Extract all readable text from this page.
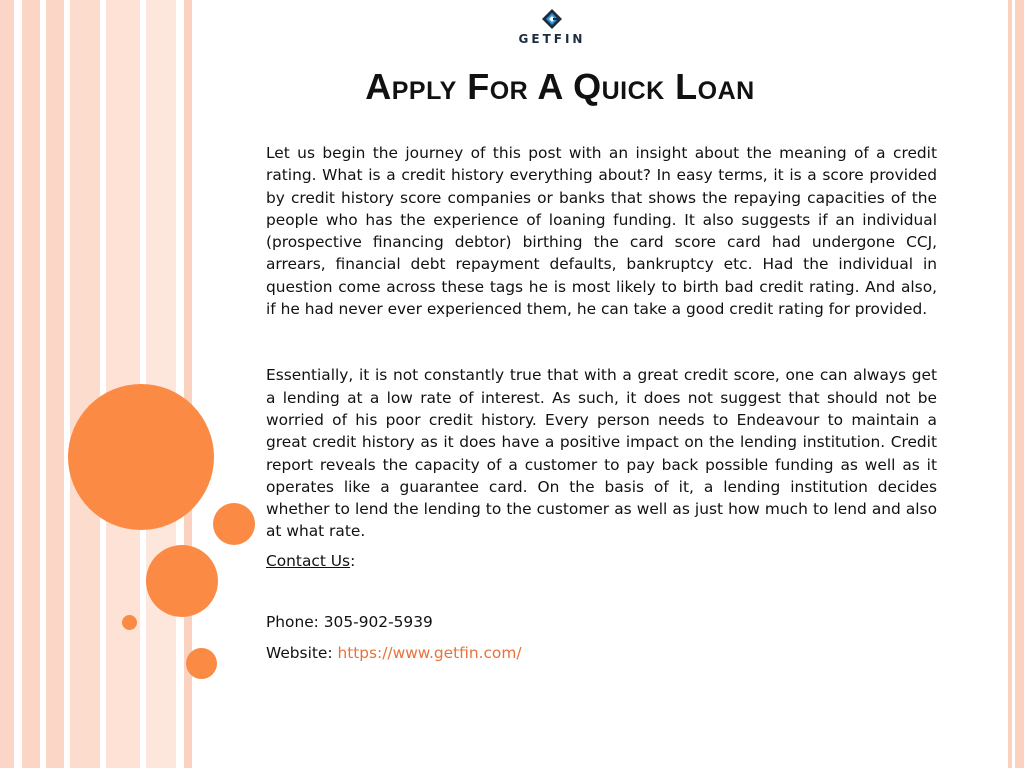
GETFIN
Apply For A Quick Loan

Let us begin the journey of this post with an insight about the meaning of a credit rating. What is a credit history everything about? In easy terms, it is a score provided by credit history score companies or banks that shows the repaying capacities of the people who has the experience of loaning funding. It also suggests if an individual (prospective financing debtor) birthing the card score card had undergone CCJ, arrears, financial debt repayment defaults, bankruptcy etc. Had the individual in question come across these tags he is most likely to birth bad credit rating. And also, if he had never ever experienced them, he can take a good credit rating for provided.

Essentially, it is not constantly true that with a great credit score, one can always get a lending at a low rate of interest. As such, it does not suggest that should not be worried of his poor credit history. Every person needs to Endeavour to maintain a great credit history as it does have a positive impact on the lending institution. Credit report reveals the capacity of a customer to pay back possible funding as well as it operates like a guarantee card. On the basis of it, a lending institution decides whether to lend the lending to the customer as well as just how much to lend and also at what rate.

Contact Us:

Phone: 305-902-5939

Website: https://www.getfin.com/
